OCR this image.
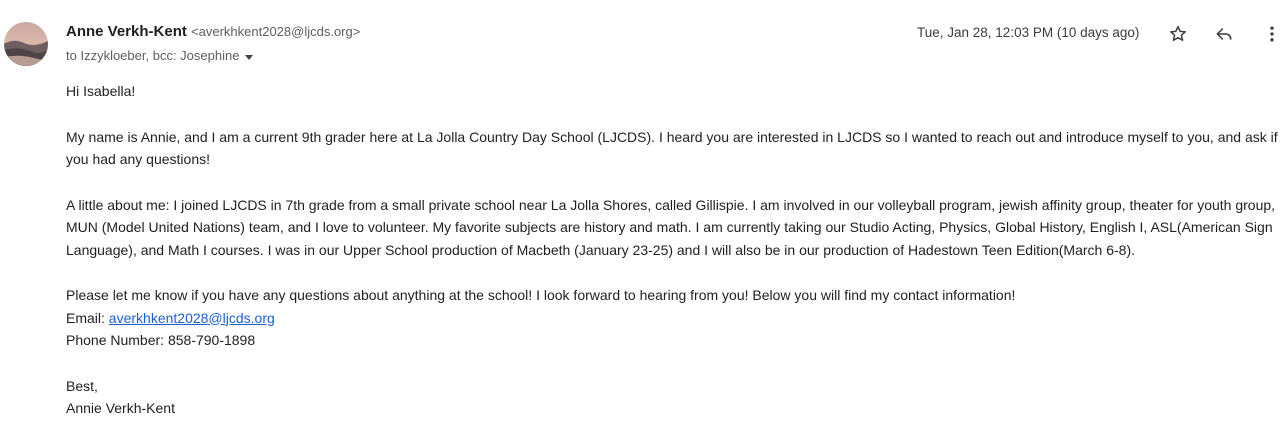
Anne Verkh-Kent <averkhkent2028@ljcds.org>
to Izzykloeber, bcc: Josephine
Tue, Jan 28, 12:03 PM (10 days ago)

Hi Isabella!

My name is Annie, and I am a current 9th grader here at La Jolla Country Day School (LJCDS). I heard you are interested in LJCDS so I wanted to reach out and introduce myself to you, and ask if you had any questions!

A little about me: I joined LJCDS in 7th grade from a small private school near La Jolla Shores, called Gillispie. I am involved in our volleyball program, jewish affinity group, theater for youth group, MUN (Model United Nations) team, and I love to volunteer. My favorite subjects are history and math. I am currently taking our Studio Acting, Physics, Global History, English I, ASL(American Sign Language), and Math I courses. I was in our Upper School production of Macbeth (January 23-25) and I will also be in our production of Hadestown Teen Edition(March 6-8).

Please let me know if you have any questions about anything at the school! I look forward to hearing from you! Below you will find my contact information!

Email: averkhkent2028@ljcds.org

Phone Number: 858-790-1898

Best,

Annie Verkh-Kent
